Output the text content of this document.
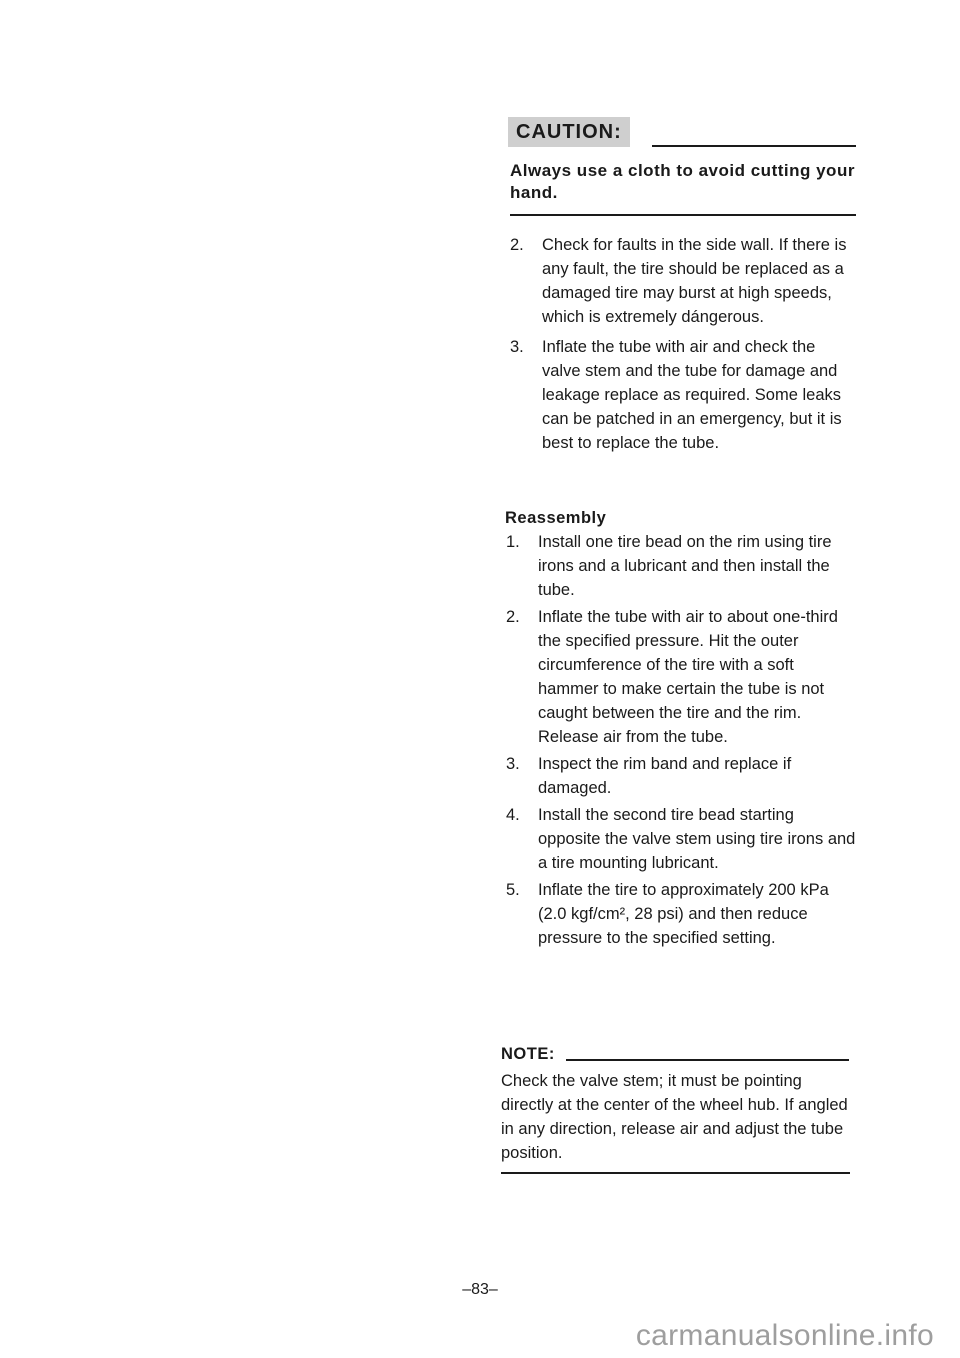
CAUTION:

Always use a cloth to avoid cutting your hand.

2. Check for faults in the side wall. If there is any fault, the tire should be replaced as a damaged tire may burst at high speeds, which is extremely dángerous.
3. Inflate the tube with air and check the valve stem and the tube for damage and leakage replace as required. Some leaks can be patched in an emergency, but it is best to replace the tube.
Reassembly
1. Install one tire bead on the rim using tire irons and a lubricant and then install the tube.
2. Inflate the tube with air to about one-third the specified pressure. Hit the outer circumference of the tire with a soft hammer to make certain the tube is not caught between the tire and the rim. Release air from the tube.
3. Inspect the rim band and replace if damaged.
4. Install the second tire bead starting opposite the valve stem using tire irons and a tire mounting lubricant.
5. Inflate the tire to approximately 200 kPa (2.0 kgf/cm², 28 psi) and then reduce pressure to the specified setting.
NOTE:

Check the valve stem; it must be pointing directly at the center of the wheel hub. If angled in any direction, release air and adjust the tube position.

–83–
carmanualsonline.info
